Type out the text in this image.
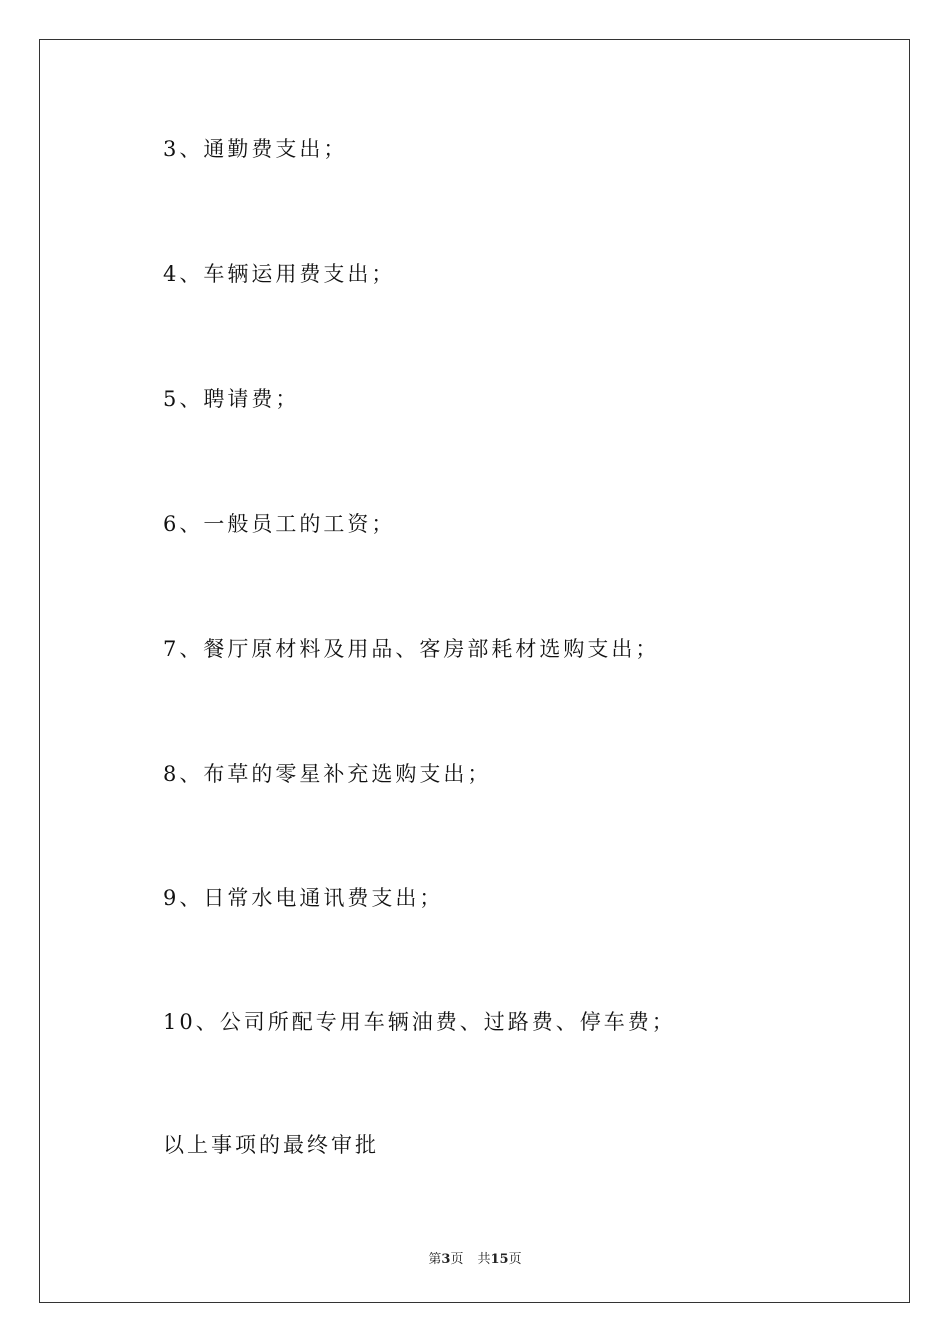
3、通勤费支出；
4、车辆运用费支出；
5、聘请费；
6、一般员工的工资；
7、餐厅原材料及用品、客房部耗材选购支出；
8、布草的零星补充选购支出；
9、日常水电通讯费支出；
10、公司所配专用车辆油费、过路费、停车费；
以上事项的最终审批
第3页 共15页
